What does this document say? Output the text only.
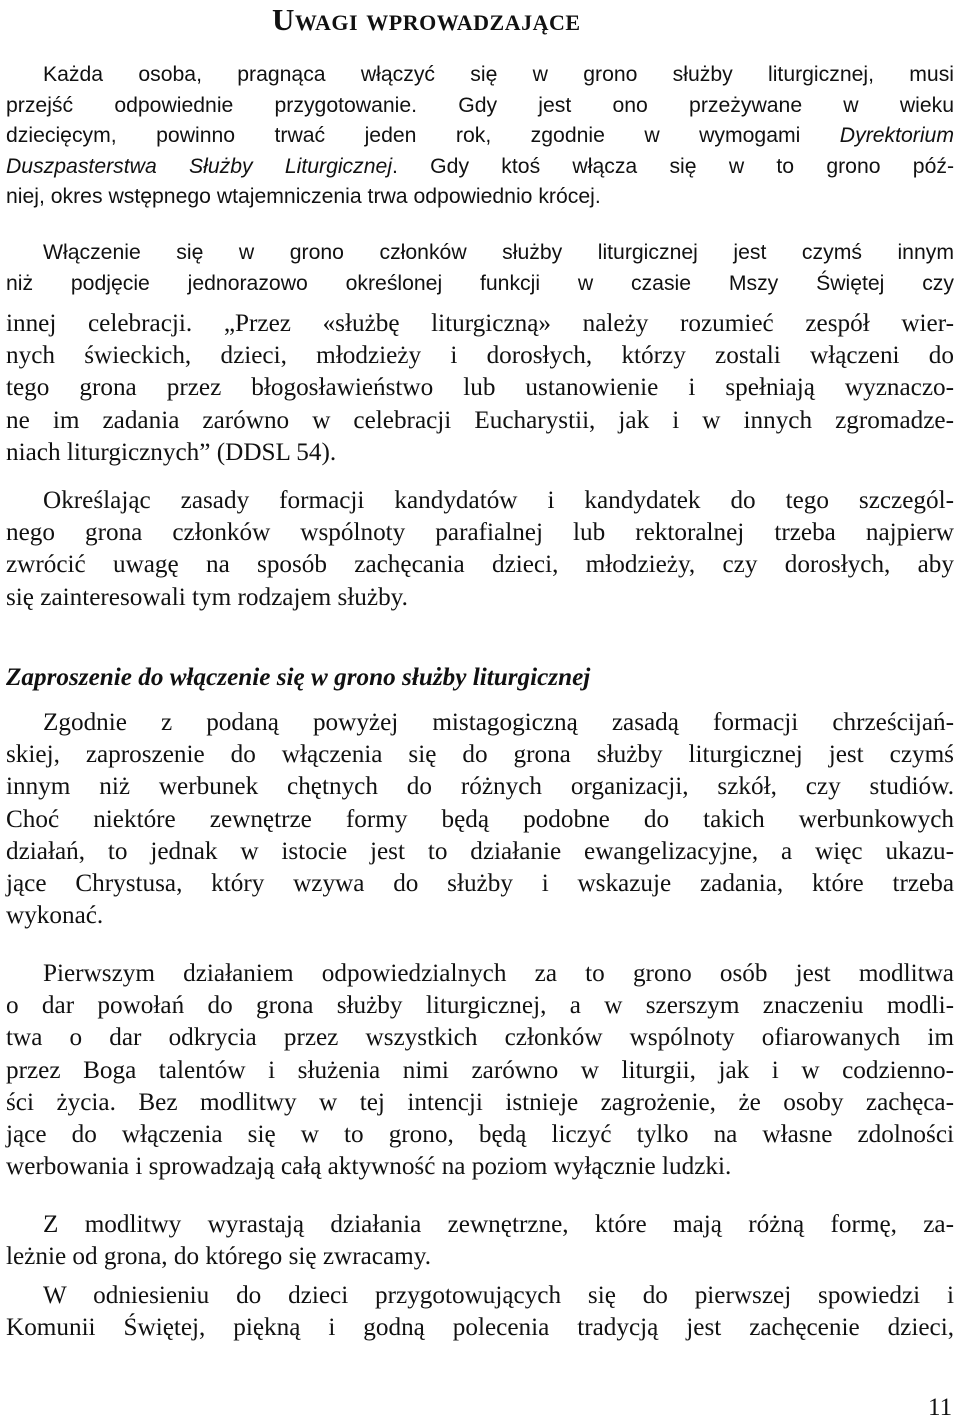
Uwagi wprowadzające
Każda osoba, pragnąca włączyć się w grono służby liturgicznej, musi
przejść odpowiednie przygotowanie. Gdy jest ono przeżywane w wieku
dziecięcym, powinno trwać jeden rok, zgodnie w wymogami Dyrektorium
Duszpasterstwa Służby Liturgicznej. Gdy ktoś włącza się w to grono póź-
niej, okres wstępnego wtajemniczenia trwa odpowiednio krócej.
Włączenie się w grono członków służby liturgicznej jest czymś innym
niż podjęcie jednorazowo określonej funkcji w czasie Mszy Świętej czy
innej celebracji. „Przez «służbę liturgiczną» należy rozumieć zespół wier-
nych świeckich, dzieci, młodzieży i dorosłych, którzy zostali włączeni do
tego grona przez błogosławieństwo lub ustanowienie i spełniają wyznaczo-
ne im zadania zarówno w celebracji Eucharystii, jak i w innych zgromadze-
niach liturgicznych” (DDSL 54).
Określając zasady formacji kandydatów i kandydatek do tego szczegól-
nego grona członków wspólnoty parafialnej lub rektoralnej trzeba najpierw
zwrócić uwagę na sposób zachęcania dzieci, młodzieży, czy dorosłych, aby
się zainteresowali tym rodzajem służby.
Zaproszenie do włączenie się w grono służby liturgicznej
Zgodnie z podaną powyżej mistagogiczną zasadą formacji chrześcijań-
skiej, zaproszenie do włączenia się do grona służby liturgicznej jest czymś
innym niż werbunek chętnych do różnych organizacji, szkół, czy studiów.
Choć niektóre zewnętrze formy będą podobne do takich werbunkowych
działań, to jednak w istocie jest to działanie ewangelizacyjne, a więc ukazu-
jące Chrystusa, który wzywa do służby i wskazuje zadania, które trzeba
wykonać.
Pierwszym działaniem odpowiedzialnych za to grono osób jest modlitwa
o dar powołań do grona służby liturgicznej, a w szerszym znaczeniu modli-
twa o dar odkrycia przez wszystkich członków wspólnoty ofiarowanych im
przez Boga talentów i służenia nimi zarówno w liturgii, jak i w codzienno-
ści życia. Bez modlitwy w tej intencji istnieje zagrożenie, że osoby zachęca-
jące do włączenia się w to grono, będą liczyć tylko na własne zdolności
werbowania i sprowadzają całą aktywność na poziom wyłącznie ludzki.
Z modlitwy wyrastają działania zewnętrzne, które mają różną formę, za-
leżnie od grona, do którego się zwracamy.
W odniesieniu do dzieci przygotowujących się do pierwszej spowiedzi i
Komunii Świętej, piękną i godną polecenia tradycją jest zachęcenie dzieci,
11
